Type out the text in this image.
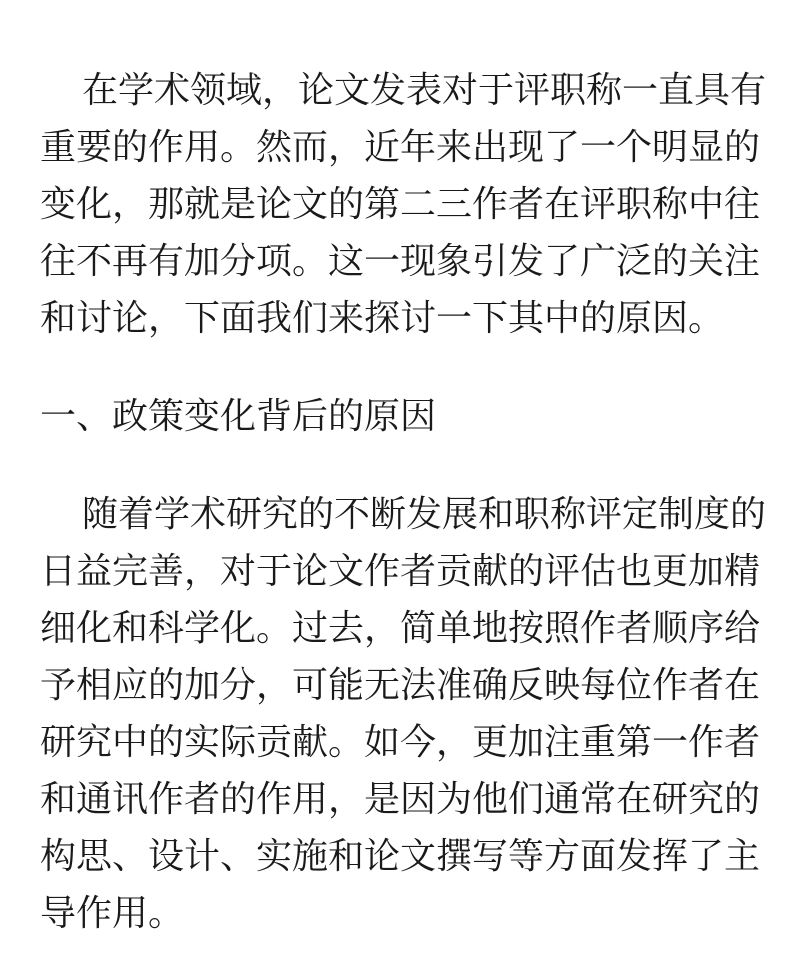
在学术领域，论文发表对于评职称一直具有
重要的作用。然而，近年来出现了一个明显的
变化，那就是论文的第二三作者在评职称中往
往不再有加分项。这一现象引发了广泛的关注
和讨论，下面我们来探讨一下其中的原因。
一、政策变化背后的原因
随着学术研究的不断发展和职称评定制度的
日益完善，对于论文作者贡献的评估也更加精
细化和科学化。过去，简单地按照作者顺序给
予相应的加分，可能无法准确反映每位作者在
研究中的实际贡献。如今，更加注重第一作者
和通讯作者的作用，是因为他们通常在研究的
构思、设计、实施和论文撰写等方面发挥了主
导作用。
